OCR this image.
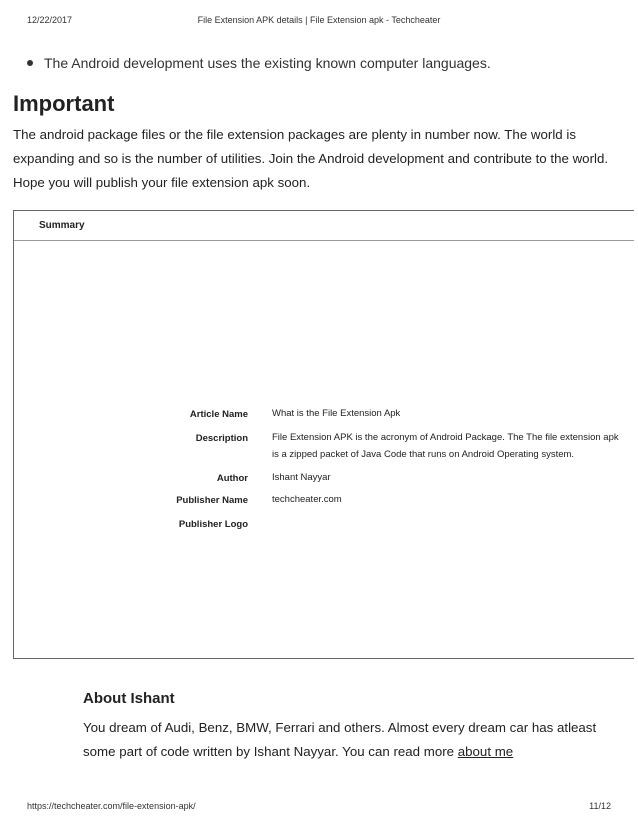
12/22/2017	File Extension APK details | File Extension apk - Techcheater
The Android development uses the existing known computer languages.
Important

The android package files or the file extension packages are plenty in number now. The world is expanding and so is the number of utilities. Join the Android development and contribute to the world. Hope you will publish your file extension apk soon.

Summary
Article Name	What is the File Extension Apk
Description	File Extension APK is the acronym of Android Package. The The file extension apk is a zipped packet of Java Code that runs on Android Operating system.
Author	Ishant Nayyar
Publisher Name	techcheater.com
Publisher Logo
About Ishant

You dream of Audi, Benz, BMW, Ferrari and others. Almost every dream car has atleast some part of code written by Ishant Nayyar. You can read more about me

https://techcheater.com/file-extension-apk/	11/12
